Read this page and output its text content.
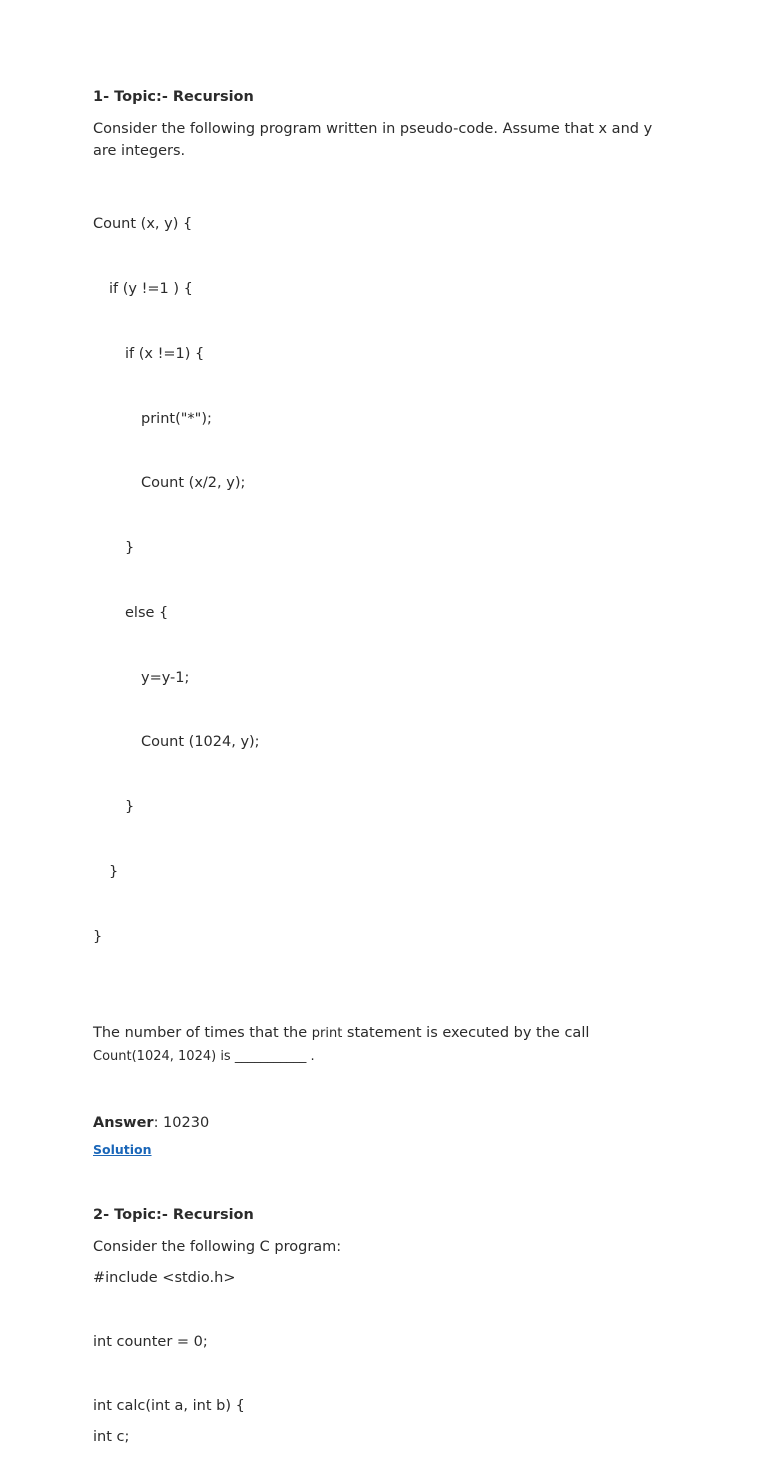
1- Topic:- Recursion
Consider the following program written in pseudo-code. Assume that x and y are integers.

Count (x, y) {

if (y !=1 ) {

if (x !=1) {

print("*");

Count (x/2, y);

}

else {

y=y-1;

Count (1024, y);

}

}

}

The number of times that the print statement is executed by the call Count(1024, 1024) is ___________ .
Answer: 10230
Solution
2- Topic:- Recursion
Consider the following C program:
#include <stdio.h>
int counter = 0;
int calc(int a, int b) {
int c;
